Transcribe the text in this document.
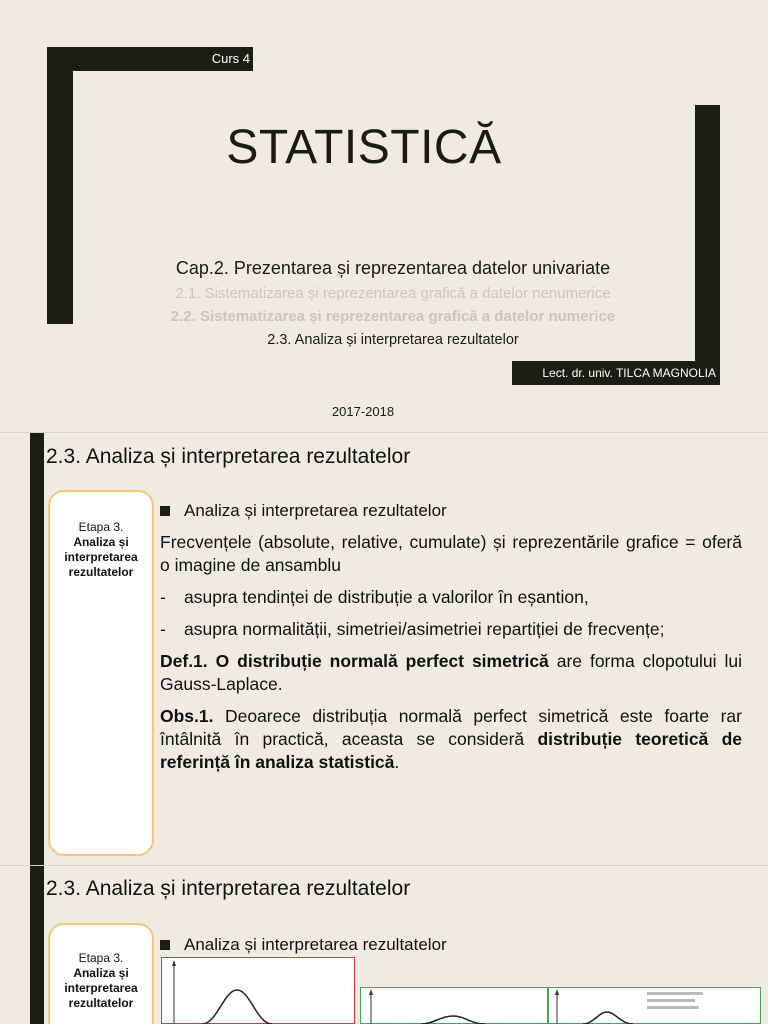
Curs 4
STATISTICĂ
Cap.2. Prezentarea și reprezentarea datelor univariate
2.1. Sistematizarea și reprezentarea grafică a datelor nenumerice
2.2. Sistematizarea și reprezentarea grafică a datelor numerice
2.3. Analiza și interpretarea rezultatelor
Lect. dr. univ. TILCA MAGNOLIA
2017-2018
2.3. Analiza și interpretarea rezultatelor
Etapa 3.
Analiza și
interpretarea
rezultatelor
Analiza și interpretarea rezultatelor
Frecvențele (absolute, relative, cumulate) și reprezentările grafice = oferă o imagine de ansamblu
-	asupra tendinței de distribuție a valorilor în eșantion,
-	asupra normalității, simetriei/asimetriei repartiției de frecvențe;
Def.1. O distribuție normală perfect simetrică are forma clopotului lui Gauss-Laplace.
Obs.1. Deoarece distribuția normală perfect simetrică este foarte rar întâlnită în practică, aceasta se consideră distribuție teoretică de referință în analiza statistică.
2.3. Analiza și interpretarea rezultatelor
Etapa 3.
Analiza și
interpretarea
rezultatelor
Analiza și interpretarea rezultatelor
